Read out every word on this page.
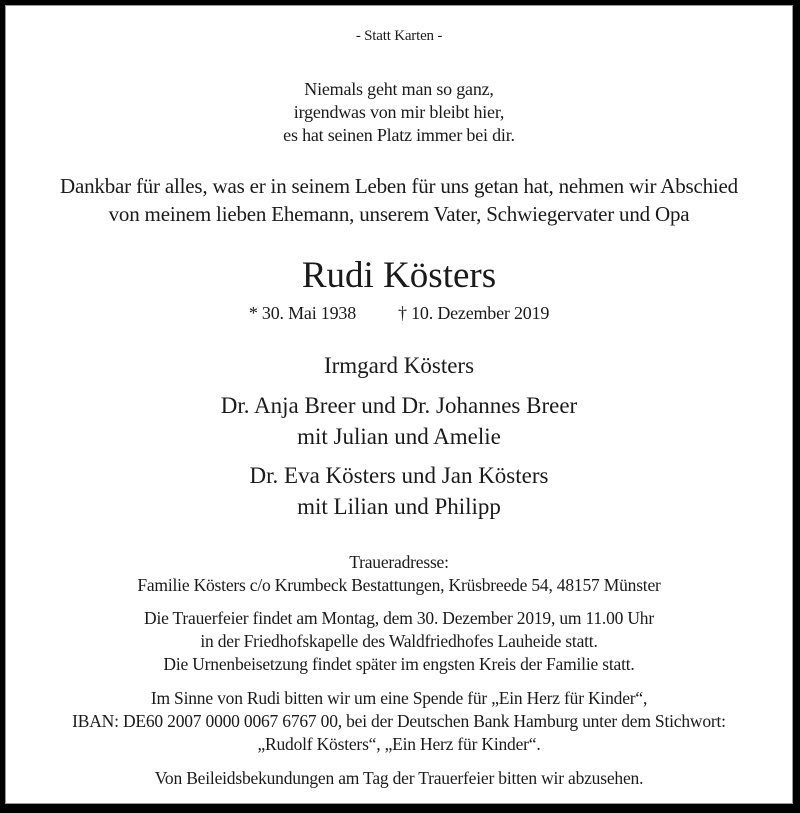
- Statt Karten -
Niemals geht man so ganz,
irgendwas von mir bleibt hier,
es hat seinen Platz immer bei dir.
Dankbar für alles, was er in seinem Leben für uns getan hat, nehmen wir Abschied
von meinem lieben Ehemann, unserem Vater, Schwiegervater und Opa
Rudi Kösters
* 30. Mai 1938 † 10. Dezember 2019
Irmgard Kösters
Dr. Anja Breer und Dr. Johannes Breer
mit Julian und Amelie
Dr. Eva Kösters und Jan Kösters
mit Lilian und Philipp
Traueradresse:
Familie Kösters c/o Krumbeck Bestattungen, Krüsbreede 54, 48157 Münster
Die Trauerfeier findet am Montag, dem 30. Dezember 2019, um 11.00 Uhr
in der Friedhofskapelle des Waldfriedhofes Lauheide statt.
Die Urnenbeisetzung findet später im engsten Kreis der Familie statt.
Im Sinne von Rudi bitten wir um eine Spende für „Ein Herz für Kinder“,
IBAN: DE60 2007 0000 0067 6767 00, bei der Deutschen Bank Hamburg unter dem Stichwort:
„Rudolf Kösters“, „Ein Herz für Kinder“.
Von Beileidsbekundungen am Tag der Trauerfeier bitten wir abzusehen.
